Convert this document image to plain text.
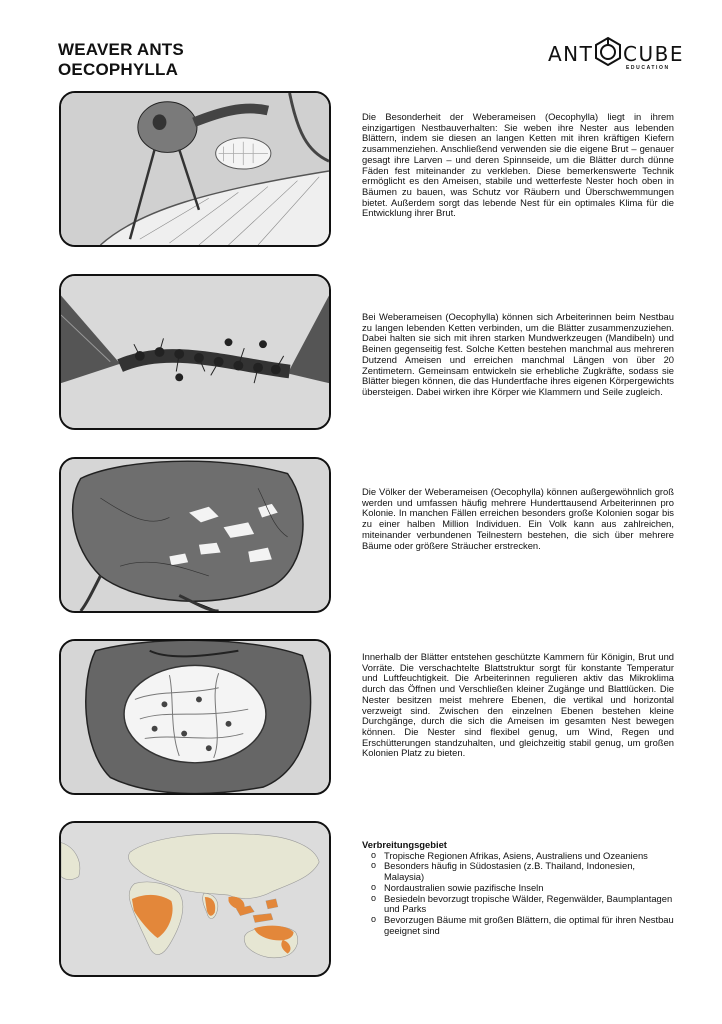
WEAVER ANTS
OECOPHYLLA
ANT CUBE
EDUCATION

Die Besonderheit der Weberameisen (Oecophylla) liegt in ihrem einzigartigen Nestbauverhalten: Sie weben ihre Nester aus lebenden Blättern, indem sie diesen an langen Ketten mit ihren kräftigen Kiefern zusammenziehen. Anschließend verwenden sie die eigene Brut – genauer gesagt ihre Larven – und deren Spinnseide, um die Blätter durch dünne Fäden fest miteinander zu verkleben. Diese bemerkenswerte Technik ermöglicht es den Ameisen, stabile und wetterfeste Nester hoch oben in Bäumen zu bauen, was Schutz vor Räubern und Überschwemmungen bietet. Außerdem sorgt das lebende Nest für ein optimales Klima für die Entwicklung ihrer Brut.

Bei Weberameisen (Oecophylla) können sich Arbeiterinnen beim Nestbau zu langen lebenden Ketten verbinden, um die Blätter zusammenzuziehen. Dabei halten sie sich mit ihren starken Mundwerkzeugen (Mandibeln) und Beinen gegenseitig fest. Solche Ketten bestehen manchmal aus mehreren Dutzend Ameisen und erreichen manchmal Längen von über 20 Zentimetern. Gemeinsam entwickeln sie erhebliche Zugkräfte, sodass sie Blätter biegen können, die das Hundertfache ihres eigenen Körpergewichts übersteigen. Dabei wirken ihre Körper wie Klammern und Seile zugleich.

Die Völker der Weberameisen (Oecophylla) können außergewöhnlich groß werden und umfassen häufig mehrere Hunderttausend Arbeiterinnen pro Kolonie. In manchen Fällen erreichen besonders große Kolonien sogar bis zu einer halben Million Individuen. Ein Volk kann aus zahlreichen, miteinander verbundenen Teilnestern bestehen, die sich über mehrere Bäume oder größere Sträucher erstrecken.

Innerhalb der Blätter entstehen geschützte Kammern für Königin, Brut und Vorräte. Die verschachtelte Blattstruktur sorgt für konstante Temperatur und Luftfeuchtigkeit. Die Arbeiterinnen regulieren aktiv das Mikroklima durch das Öffnen und Verschließen kleiner Zugänge und Blattlücken. Die Nester besitzen meist mehrere Ebenen, die vertikal und horizontal verzweigt sind. Zwischen den einzelnen Ebenen bestehen kleine Durchgänge, durch die sich die Ameisen im gesamten Nest bewegen können. Die Nester sind flexibel genug, um Wind, Regen und Erschütterungen standzuhalten, und gleichzeitig stabil genug, um großen Kolonien Platz zu bieten.

Verbreitungsgebiet

o Tropische Regionen Afrikas, Asiens, Australiens und Ozeaniens
o Besonders häufig in Südostasien (z.B. Thailand, Indonesien, Malaysia)
o Nordaustralien sowie pazifische Inseln
o Besiedeln bevorzugt tropische Wälder, Regenwälder, Baumplantagen und Parks
o Bevorzugen Bäume mit großen Blättern, die optimal für ihren Nestbau geeignet sind
